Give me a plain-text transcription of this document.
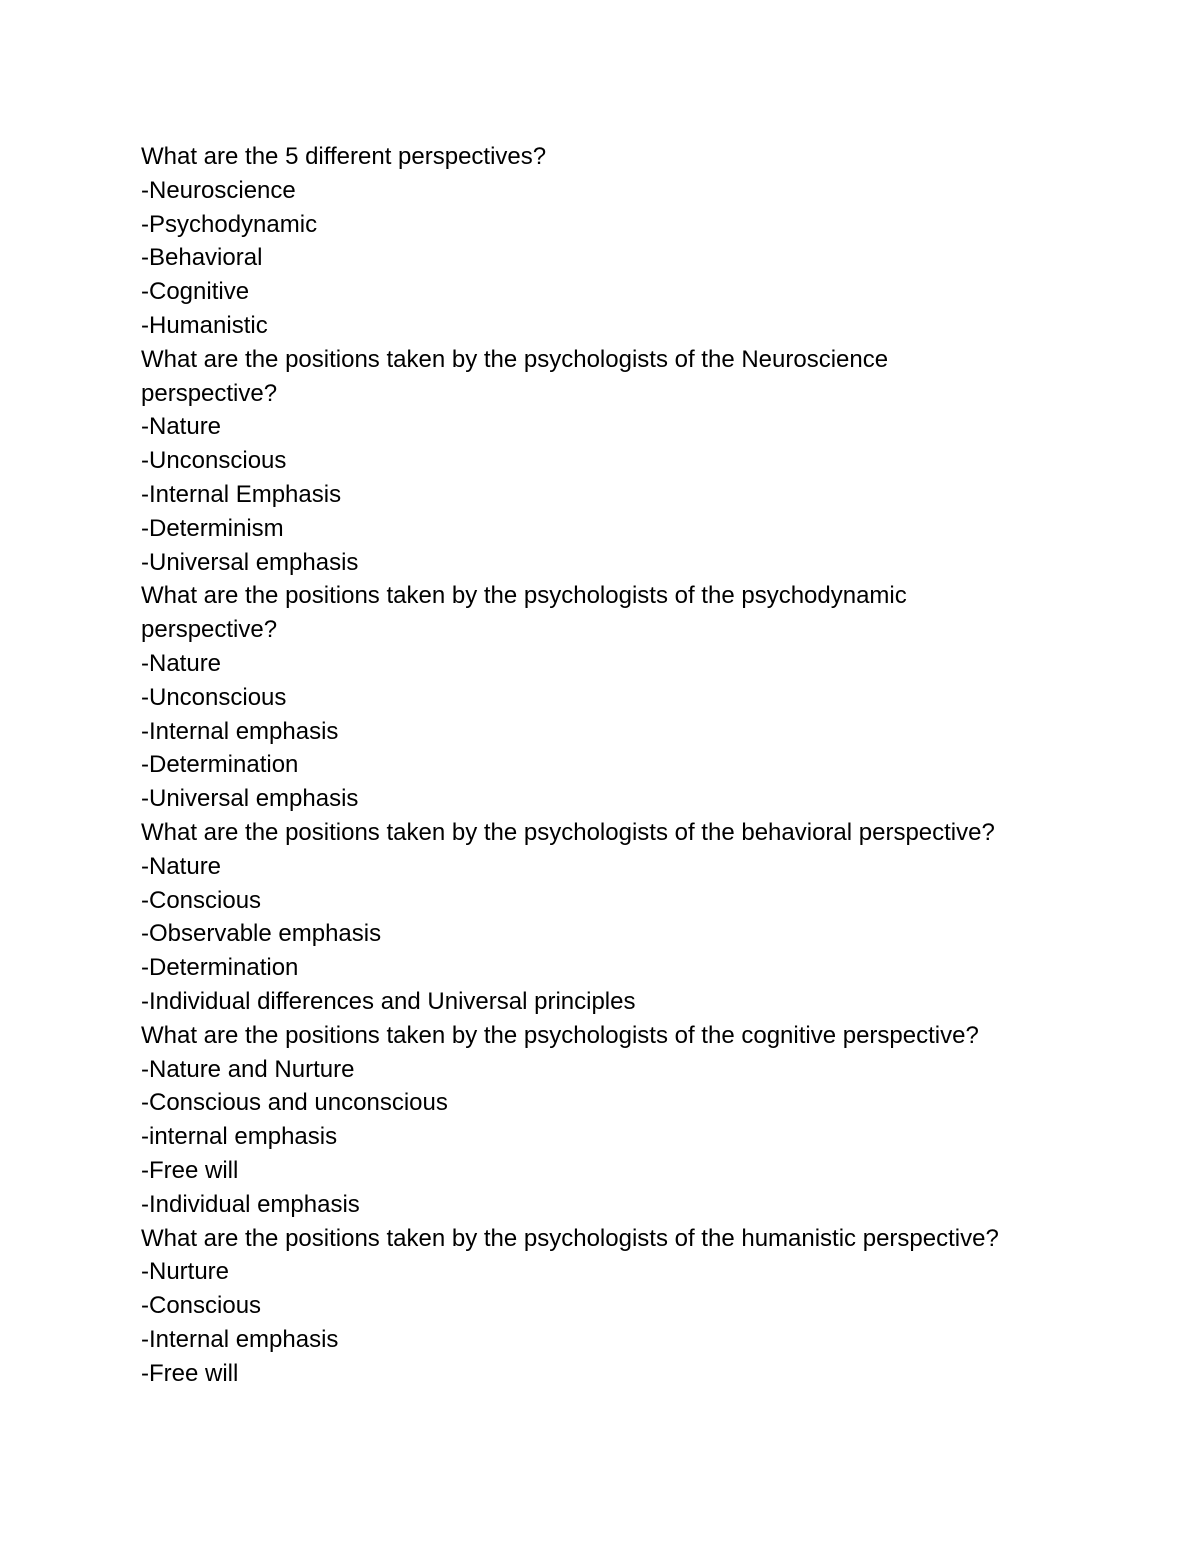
What are the 5 different perspectives?

-Neuroscience

-Psychodynamic

-Behavioral

-Cognitive

-Humanistic

What are the positions taken by the psychologists of the Neuroscience

perspective?

-Nature

-Unconscious

-Internal Emphasis

-Determinism

-Universal emphasis

What are the positions taken by the psychologists of the psychodynamic

perspective?

-Nature

-Unconscious

-Internal emphasis

-Determination

-Universal emphasis

What are the positions taken by the psychologists of the behavioral perspective?

-Nature

-Conscious

-Observable emphasis

-Determination

-Individual differences and Universal principles

What are the positions taken by the psychologists of the cognitive perspective?

-Nature and Nurture

-Conscious and unconscious

-internal emphasis

-Free will

-Individual emphasis

What are the positions taken by the psychologists of the humanistic perspective?

-Nurture

-Conscious

-Internal emphasis

-Free will
